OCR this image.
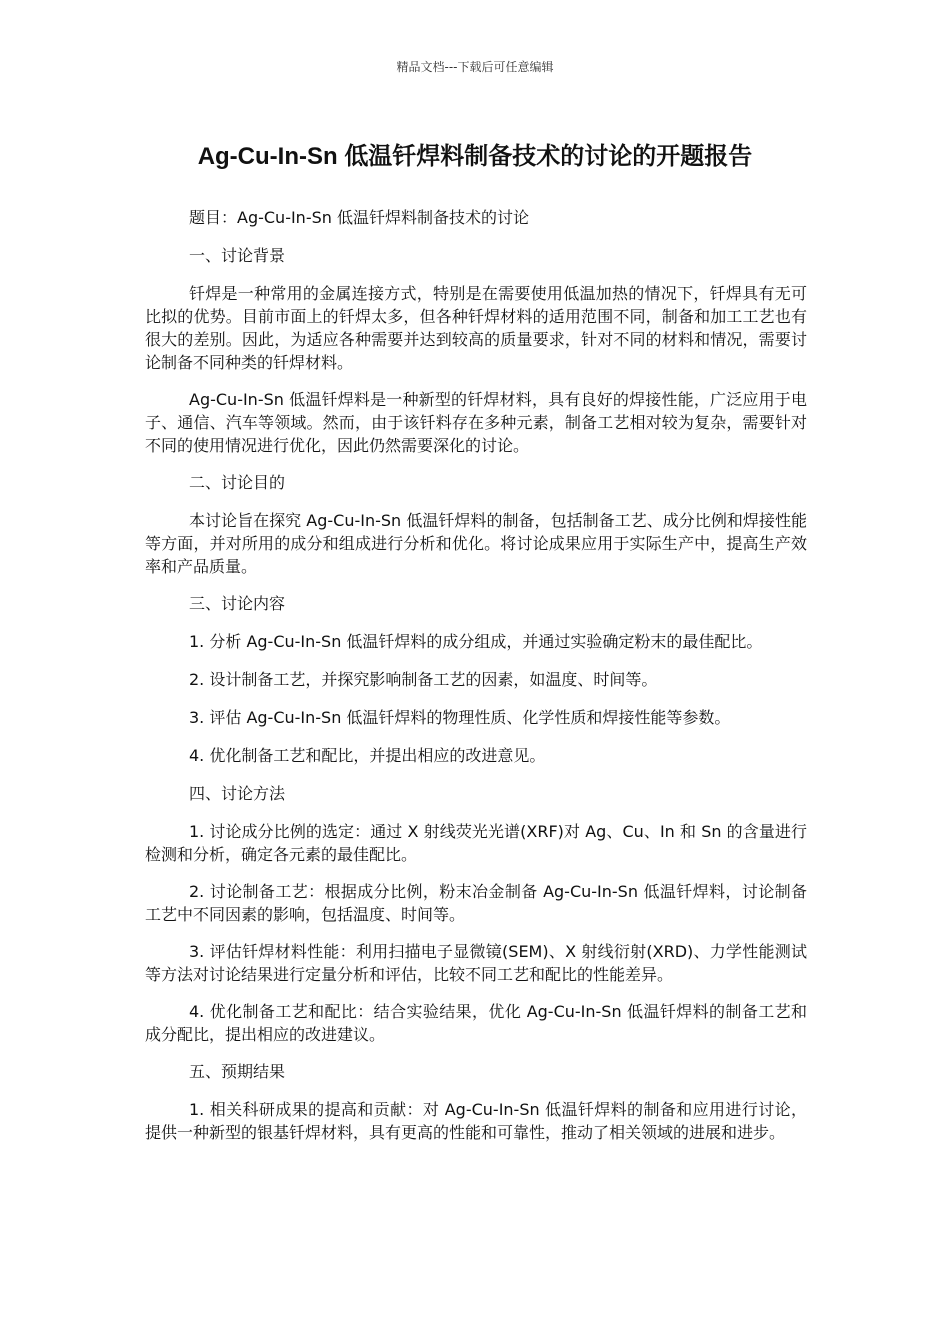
精品文档---下载后可任意编辑
Ag-Cu-In-Sn 低温钎焊料制备技术的讨论的开题报告

题目：Ag-Cu-In-Sn 低温钎焊料制备技术的讨论

一、讨论背景

钎焊是一种常用的金属连接方式，特别是在需要使用低温加热的情况下，钎焊具有无可比拟的优势。目前市面上的钎焊太多，但各种钎焊材料的适用范围不同，制备和加工工艺也有很大的差别。因此，为适应各种需要并达到较高的质量要求，针对不同的材料和情况，需要讨论制备不同种类的钎焊材料。

Ag-Cu-In-Sn 低温钎焊料是一种新型的钎焊材料，具有良好的焊接性能，广泛应用于电子、通信、汽车等领域。然而，由于该钎料存在多种元素，制备工艺相对较为复杂，需要针对不同的使用情况进行优化，因此仍然需要深化的讨论。

二、讨论目的

本讨论旨在探究 Ag-Cu-In-Sn 低温钎焊料的制备，包括制备工艺、成分比例和焊接性能等方面，并对所用的成分和组成进行分析和优化。将讨论成果应用于实际生产中，提高生产效率和产品质量。

三、讨论内容

1. 分析 Ag-Cu-In-Sn 低温钎焊料的成分组成，并通过实验确定粉末的最佳配比。

2. 设计制备工艺，并探究影响制备工艺的因素，如温度、时间等。

3. 评估 Ag-Cu-In-Sn 低温钎焊料的物理性质、化学性质和焊接性能等参数。

4. 优化制备工艺和配比，并提出相应的改进意见。

四、讨论方法

1. 讨论成分比例的选定：通过 X 射线荧光光谱(XRF)对 Ag、Cu、In 和 Sn 的含量进行检测和分析，确定各元素的最佳配比。

2. 讨论制备工艺：根据成分比例，粉末冶金制备 Ag-Cu-In-Sn 低温钎焊料，讨论制备工艺中不同因素的影响，包括温度、时间等。

3. 评估钎焊材料性能：利用扫描电子显微镜(SEM)、X 射线衍射(XRD)、力学性能测试等方法对讨论结果进行定量分析和评估，比较不同工艺和配比的性能差异。

4. 优化制备工艺和配比：结合实验结果，优化 Ag-Cu-In-Sn 低温钎焊料的制备工艺和成分配比，提出相应的改进建议。

五、预期结果

1. 相关科研成果的提高和贡献：对 Ag-Cu-In-Sn 低温钎焊料的制备和应用进行讨论，提供一种新型的银基钎焊材料，具有更高的性能和可靠性，推动了相关领域的进展和进步。
